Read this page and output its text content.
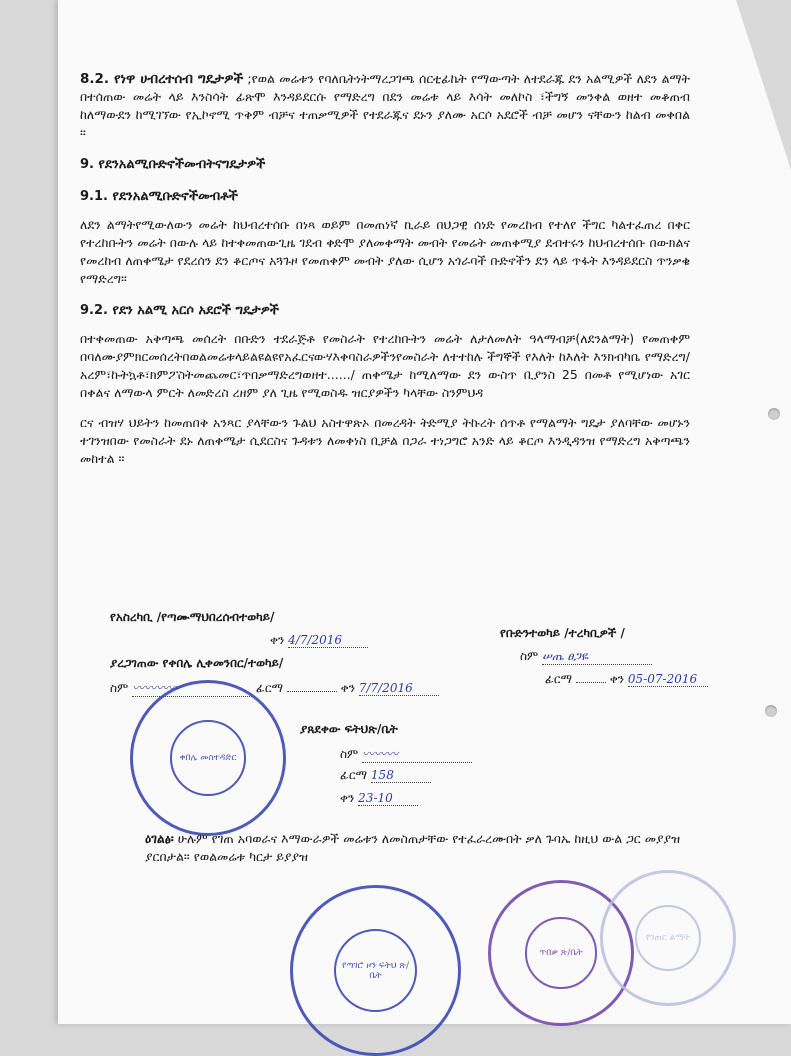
8.2. የነዋ ሀብረተሰብ ግዴታዎች ;የወል መሬቱን የባለቤትነትማረጋገጫ ሰርቲፊኬት የማውጣት ለተደራጁ ደን አልሚዎች ለደን ልማት በተሰጠው መሬት ላይ እንስሳት ፊጽሞ እንዳይደርሱ የማድረግ በደን መሬቱ ላይ እሳት መለኮስ ፣ችግኝ መንቀል ወዘተ መቆጠብ ከለማውደን ከሚገኘው የኢኮኖሚ ጥቅም ብቻና ተጠቃሚዎች የተደራጁና ደኑን ያለሙ አርሶ አደሮች ብቻ መሆን ናቸውን ከልብ መቀበል ።

9. የደንአልሚቡድኖችመብትናግዴታዎች
9.1. የደንአልሚቡድኖችመብቶች

ለደን ልማትየሚውለውን መሬት ከህብረተሰቡ በነጻ ወይም በመጠነኛ ኪራይ በህጋዊ ሰነድ የመረከብ የተለየ ችግር ካልተፈጠረ በቀር የተረከቡትን መሬት በውሉ ላይ ከተቀመጠውጊዜ ገደብ ቀድሞ ያለመቀማት መብት የመሬት መጠቀሚያ ደብተሩን ከህብረተሰቡ በውክልና የመረከብ ለጠቀሜታ የደረሰን ደን ቆርጦና አጓጉዞ የመጠቀም መብት ያለው ሲሆን አጎራባች ቡድኖችን ደን ላይ ጥፋት እንዳይደርስ ጥንቃቄ የማድረግ።

9.2. የደን አልሚ አርሶ አደሮች ግዴታዎች

በተቀመጠው አቅጣጫ መሰረት በቡድን ተደራጅቶ የመስራት የተረከቡትን መሬት ለታለመለት ዓላማብቻ(ለደንልማት) የመጠቀም በባለሙያምክርመሰረትበወልመሬቱላይልዩልዩየአፈርናውሃእቀባስራዎችንየመስራት ለተተከሉ ችግኞች የእለት ከእለት እንክብካቤ የማድረግ/አረም፣ኩትኳቶ፣ክምፖስትመጨመር፣ጥበቃማድረግወዘተ....../ ጠቀሜታ ከሚለማው ደን ውስጥ ቢያንስ 25 በመቶ የሚሆነው አገር በቀልና ለማውላ ምርት ለመድረስ ረዘም ያለ ጊዜ የሚወስዱ ዝርያዎችን ካላቸው ስንምህዳ

ርና ብዝሃ ህይትን ከመጠበቅ አንጻር ያላቸውን ጉልህ አስተዋጽኦ በመረዳት ትድሚያ ትኩረት ሰጥቶ የማልማት ግዴታ ያለባቸው መሆኑን ተገንዝበው የመስራት ደኑ ለጠቀሜታ ሲደርስና ጉዳቱን ለመቀነስ ቢቻል በጋራ ተነጋግሮ አንድ ላይ ቆርጦ እንዲዳንዝ የማድረግ አቅጣጫን መከተል ።

የአስረካቢ /የጣሙማህበረሰብተወካይ/
ቀን 4/7/2016
ያረጋገጠው የቀበሌ ሊቀመንበር/ተወካይ/
ስም 〰〰〰〰	ፊርማ	ቀን 7/7/2016
የቡድንተወካይ /ተረካቢዎች /
ስም ሠጤ ፀጋዬ
ፊርማ	ቀን 05-07-2016
ያጸደቀው ፍትህጽ/ቤት
ስም 〰〰〰
ፊርማ 158
ቀን 23-10
ዕገልፅ፡ ሁሉም የገጠ አባወራና እማውራዎች መሬቱን ለመስጠታቸው የተፈራረሙበት ቃለ ጉባኤ ከዚህ ውል ጋር መያያዝ ያርበታል። የወልመሬቱ ካርታ ይያያዝ
ቀበሌ መስተዳድር
የጣገሮ ዞን ፍትህ ጽ/ቤት
ጥበቃ ጽ/ቤት
የገጠር ልማት
